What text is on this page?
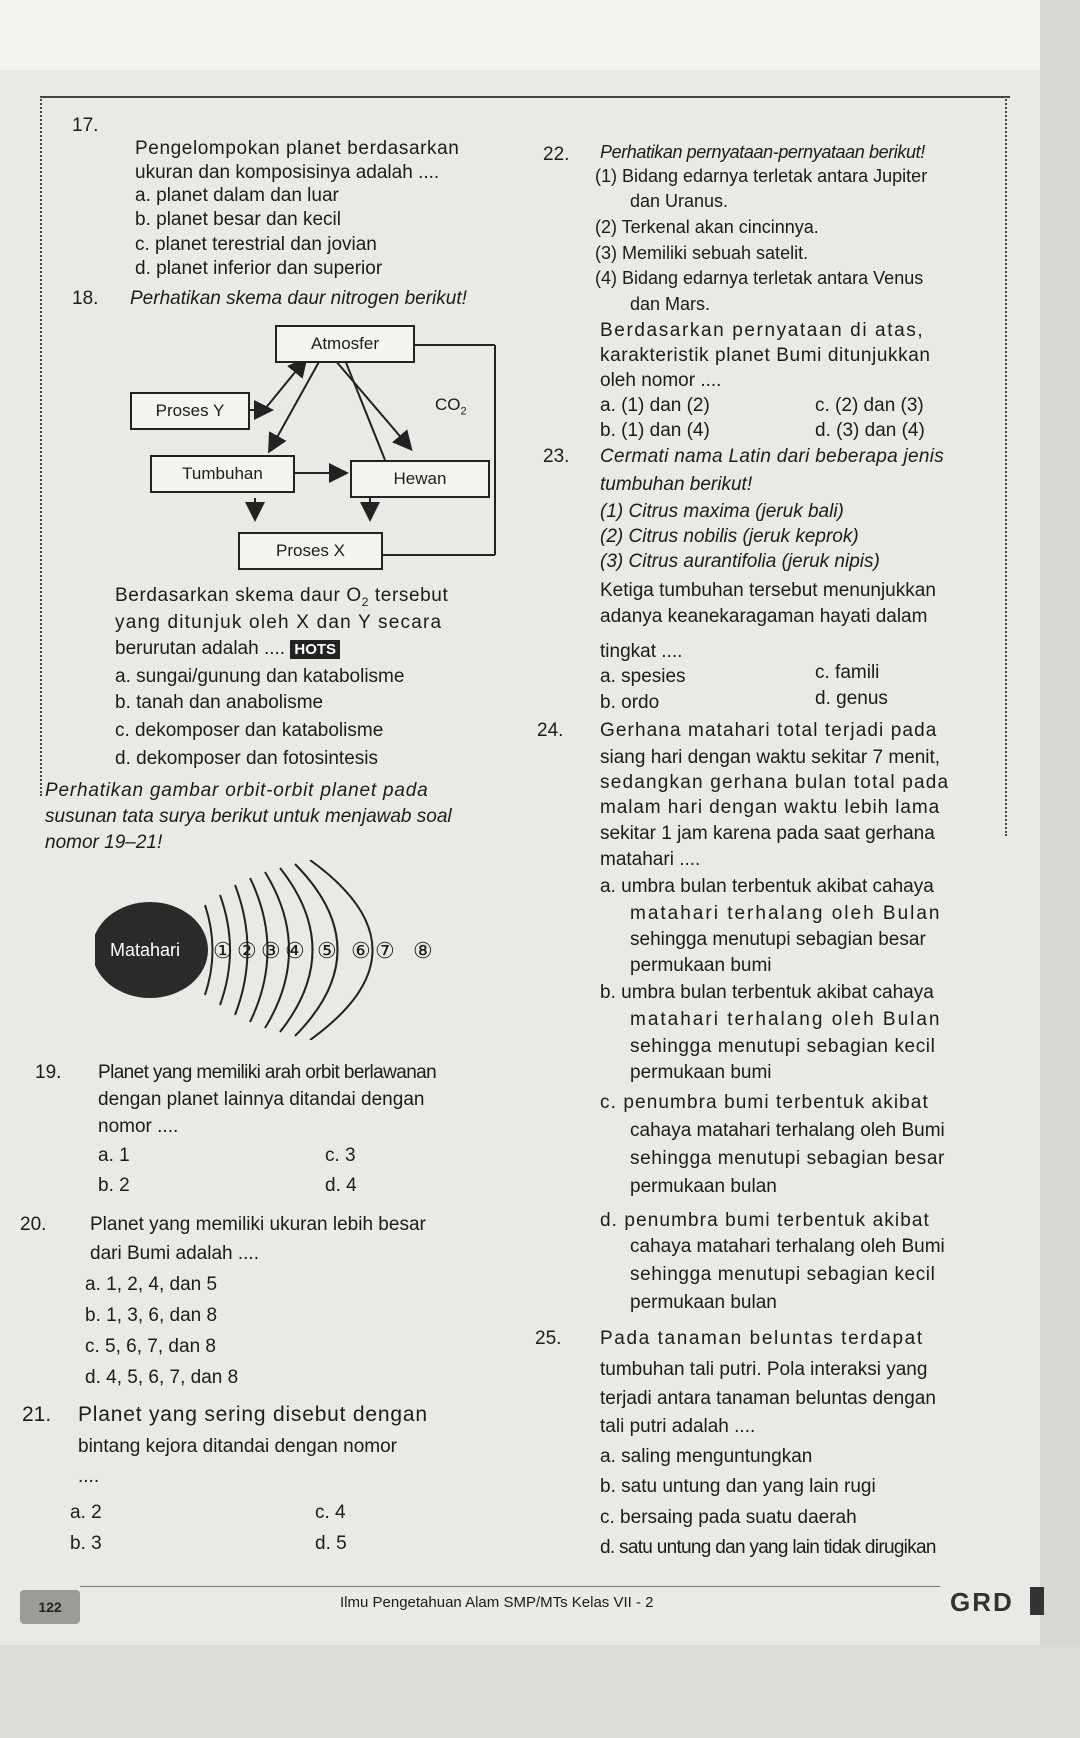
17.
Pengelompokan planet berdasarkan
ukuran dan komposisinya adalah ....
a. planet dalam dan luar
b. planet besar dan kecil
c. planet terestrial dan jovian
d. planet inferior dan superior
18. Perhatikan skema daur nitrogen berikut!
Atmosfer
Proses Y	$CO_2$
Tumbuhan	Hewan
Proses X
Berdasarkan skema daur $O_2$ tersebut
yang ditunjuk oleh X dan Y secara
berurutan adalah .... HOTS
a. sungai/gunung dan katabolisme
b. tanah dan anabolisme
c. dekomposer dan katabolisme
d. dekomposer dan fotosintesis
Perhatikan gambar orbit-orbit planet pada
susunan tata surya berikut untuk menjawab soal
nomor 19–21!
Matahari ① ② ③ ④ ⑤ ⑥ ⑦ ⑧
19. Planet yang memiliki arah orbit berlawanan
dengan planet lainnya ditandai dengan
nomor ....
a. 1	c. 3
b. 2	d. 4
20. Planet yang memiliki ukuran lebih besar
dari Bumi adalah ....
a. 1, 2, 4, dan 5
b. 1, 3, 6, dan 8
c. 5, 6, 7, dan 8
d. 4, 5, 6, 7, dan 8
21. Planet yang sering disebut dengan
bintang kejora ditandai dengan nomor
....
a. 2	c. 4
b. 3	d. 5
22. Perhatikan pernyataan-pernyataan berikut!
(1) Bidang edarnya terletak antara Jupiter
dan Uranus.
(2) Terkenal akan cincinnya.
(3) Memiliki sebuah satelit.
(4) Bidang edarnya terletak antara Venus
dan Mars.
Berdasarkan pernyataan di atas,
karakteristik planet Bumi ditunjukkan
oleh nomor ....
a. (1) dan (2)	c. (2) dan (3)
b. (1) dan (4)	d. (3) dan (4)
23. Cermati nama Latin dari beberapa jenis
tumbuhan berikut!
(1) Citrus maxima (jeruk bali)
(2) Citrus nobilis (jeruk keprok)
(3) Citrus aurantifolia (jeruk nipis)
Ketiga tumbuhan tersebut menunjukkan
adanya keanekaragaman hayati dalam
tingkat ....
a. spesies	c. famili
b. ordo	d. genus
24. Gerhana matahari total terjadi pada
siang hari dengan waktu sekitar 7 menit,
sedangkan gerhana bulan total pada
malam hari dengan waktu lebih lama
sekitar 1 jam karena pada saat gerhana
matahari ....
a. umbra bulan terbentuk akibat cahaya
matahari terhalang oleh Bulan
sehingga menutupi sebagian besar
permukaan bumi
b. umbra bulan terbentuk akibat cahaya
matahari terhalang oleh Bulan
sehingga menutupi sebagian kecil
permukaan bumi
c. penumbra bumi terbentuk akibat
cahaya matahari terhalang oleh Bumi
sehingga menutupi sebagian besar
permukaan bulan
d. penumbra bumi terbentuk akibat
cahaya matahari terhalang oleh Bumi
sehingga menutupi sebagian kecil
permukaan bulan
25. Pada tanaman beluntas terdapat
tumbuhan tali putri. Pola interaksi yang
terjadi antara tanaman beluntas dengan
tali putri adalah ....
a. saling menguntungkan
b. satu untung dan yang lain rugi
c. bersaing pada suatu daerah
d. satu untung dan yang lain tidak dirugikan
122	Ilmu Pengetahuan Alam SMP/MTs Kelas VII - 2	GRD
